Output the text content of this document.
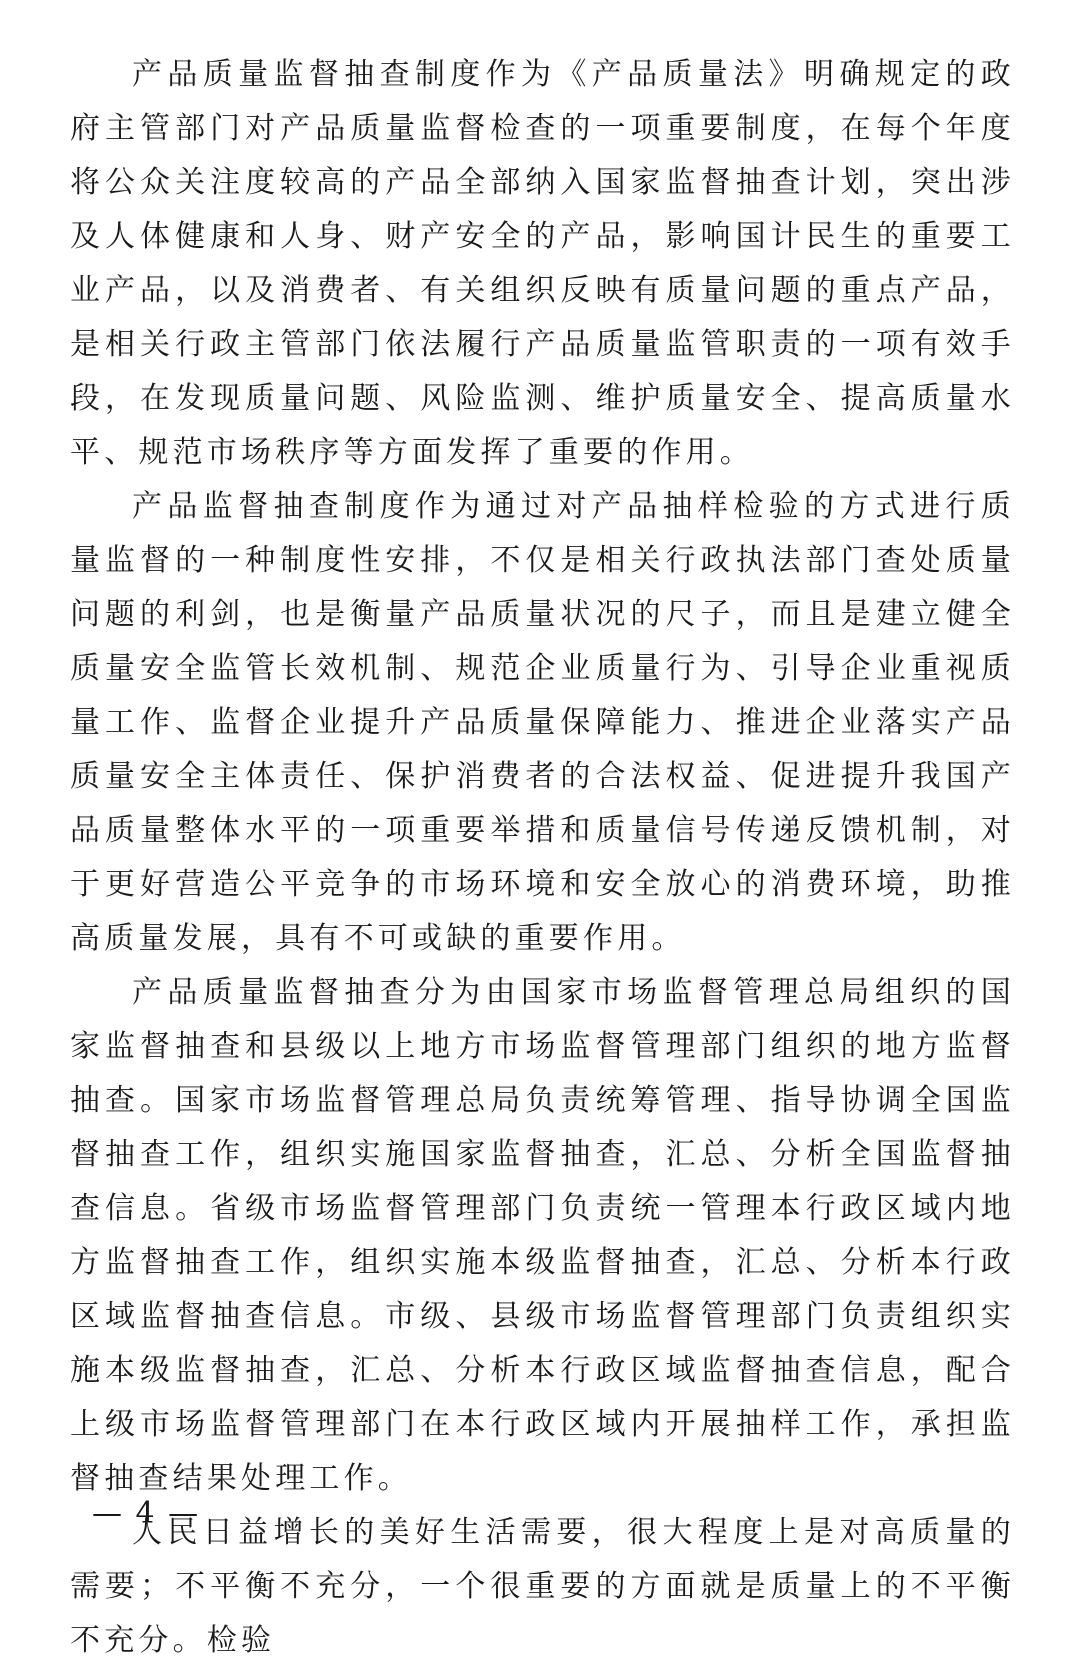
产品质量监督抽查制度作为《产品质量法》明确规定的政府主管部门对产品质量监督检查的一项重要制度，在每个年度将公众关注度较高的产品全部纳入国家监督抽查计划，突出涉及人体健康和人身、财产安全的产品，影响国计民生的重要工业产品，以及消费者、有关组织反映有质量问题的重点产品，是相关行政主管部门依法履行产品质量监管职责的一项有效手段，在发现质量问题、风险监测、维护质量安全、提高质量水平、规范市场秩序等方面发挥了重要的作用。

产品监督抽查制度作为通过对产品抽样检验的方式进行质量监督的一种制度性安排，不仅是相关行政执法部门查处质量问题的利剑，也是衡量产品质量状况的尺子，而且是建立健全质量安全监管长效机制、规范企业质量行为、引导企业重视质量工作、监督企业提升产品质量保障能力、推进企业落实产品质量安全主体责任、保护消费者的合法权益、促进提升我国产品质量整体水平的一项重要举措和质量信号传递反馈机制，对于更好营造公平竞争的市场环境和安全放心的消费环境，助推高质量发展，具有不可或缺的重要作用。

产品质量监督抽查分为由国家市场监督管理总局组织的国家监督抽查和县级以上地方市场监督管理部门组织的地方监督抽查。国家市场监督管理总局负责统筹管理、指导协调全国监督抽查工作，组织实施国家监督抽查，汇总、分析全国监督抽查信息。省级市场监督管理部门负责统一管理本行政区域内地方监督抽查工作，组织实施本级监督抽查，汇总、分析本行政区域监督抽查信息。市级、县级市场监督管理部门负责组织实施本级监督抽查，汇总、分析本行政区域监督抽查信息，配合上级市场监督管理部门在本行政区域内开展抽样工作，承担监督抽查结果处理工作。

人民日益增长的美好生活需要，很大程度上是对高质量的需要；不平衡不充分，一个很重要的方面就是质量上的不平衡不充分。检验

— 4 —
